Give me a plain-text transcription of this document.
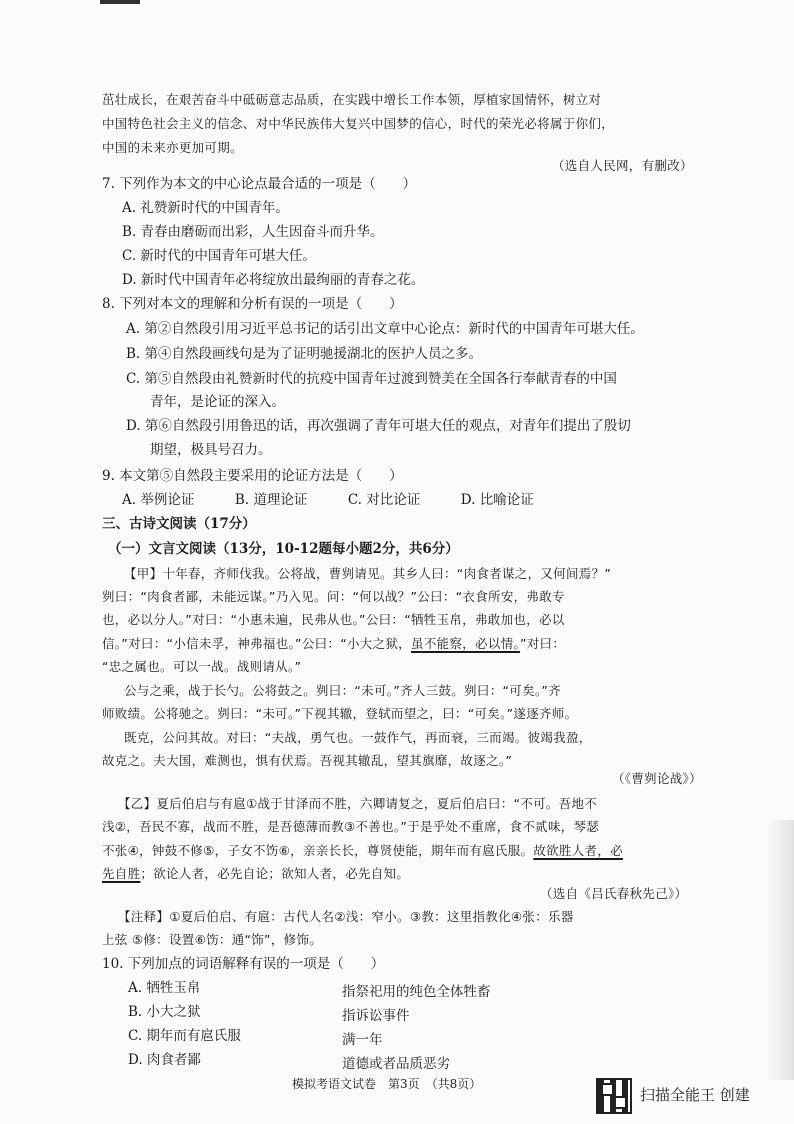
茁壮成长，在艰苦奋斗中砥砺意志品质，在实践中增长工作本领，厚植家国情怀，树立对
中国特色社会主义的信念、对中华民族伟大复兴中国梦的信心，时代的荣光必将属于你们，
中国的未来亦更加可期。
（选自人民网，有删改）
7. 下列作为本文的中心论点最合适的一项是（　　）
A. 礼赞新时代的中国青年。
B. 青春由磨砺而出彩，人生因奋斗而升华。
C. 新时代的中国青年可堪大任。
D. 新时代中国青年必将绽放出最绚丽的青春之花。
8. 下列对本文的理解和分析有误的一项是（　　）
A. 第②自然段引用习近平总书记的话引出文章中心论点：新时代的中国青年可堪大任。
B. 第④自然段画线句是为了证明驰援湖北的医护人员之多。
C. 第⑤自然段由礼赞新时代的抗疫中国青年过渡到赞美在全国各行奉献青春的中国
青年，是论证的深入。
D. 第⑥自然段引用鲁迅的话，再次强调了青年可堪大任的观点，对青年们提出了殷切
期望，极具号召力。
9. 本文第⑤自然段主要采用的论证方法是（　　）
A. 举例论证　　　B. 道理论证　　　C. 对比论证　　　D. 比喻论证
三、古诗文阅读（17分）
（一）文言文阅读（13分，10-12题每小题2分，共6分）
【甲】十年春，齐师伐我。公将战，曹刿请见。其乡人曰：“肉食者谋之，又何间焉？”
刿曰：“肉食者鄙，未能远谋。”乃入见。问：“何以战？”公曰：“衣食所安，弗敢专
也，必以分人。”对曰：“小惠未遍，民弗从也。”公曰：“牺牲玉帛，弗敢加也，必以
信。”对曰：“小信未孚，神弗福也。”公曰：“小大之狱，虽不能察，必以情。”对曰：
“忠之属也。可以一战。战则请从。”
公与之乘，战于长勺。公将鼓之。刿曰：“未可。”齐人三鼓。刿曰：“可矣。”齐
师败绩。公将驰之。刿曰：“未可。”下视其辙，登轼而望之，曰：“可矣。”遂逐齐师。
既克，公问其故。对曰：“夫战，勇气也。一鼓作气，再而衰，三而竭。彼竭我盈，
故克之。夫大国，难测也，惧有伏焉。吾视其辙乱，望其旗靡，故逐之。”
（《曹刿论战》）
【乙】夏后伯启与有扈①战于甘泽而不胜，六卿请复之，夏后伯启曰：“不可。吾地不
浅②，吾民不寡，战而不胜，是吾德薄而教③不善也。”于是乎处不重席，食不贰味，琴瑟
不张④，钟鼓不修⑤，子女不饬⑥，亲亲长长，尊贤使能，期年而有扈氏服。故欲胜人者，必
先自胜；欲论人者，必先自论；欲知人者，必先自知。
（选自《吕氏春秋先己》）
【注释】①夏后伯启、有扈：古代人名②浅：窄小。③教：这里指教化④张：乐器
上弦 ⑤修：设置⑥饬：通“饰”，修饰。
10. 下列加点的词语解释有误的一项是（　　）
A. 牺牲玉帛	指祭祀用的纯色全体牲畜
B. 小大之狱	指诉讼事件
C. 期年而有扈氏服	满一年
D. 肉食者鄙	道德或者品质恶劣
模拟考语文试卷　第3页　（共8页）
扫描全能王 创建
